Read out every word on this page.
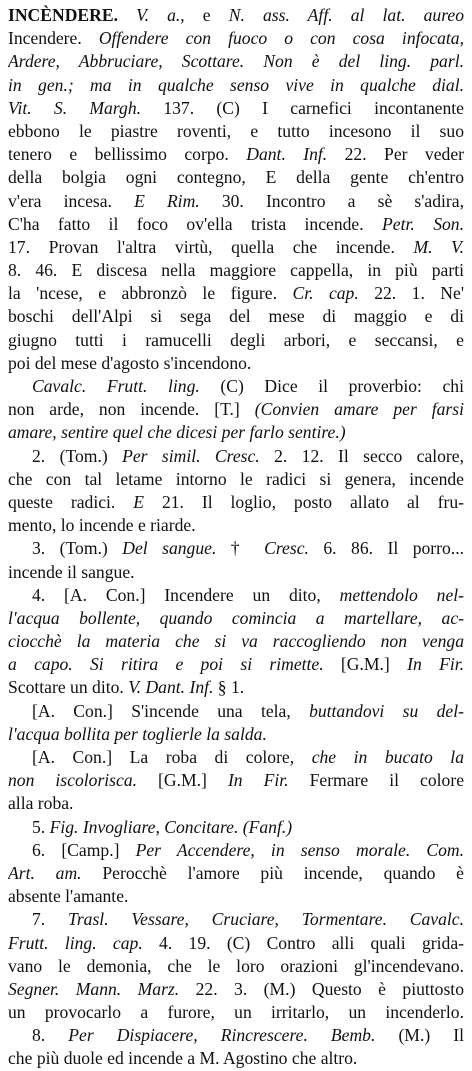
INCÈNDERE. V. a., e N. ass. Aff. al lat. aureo
Incendere. Offendere con fuoco o con cosa infocata,
Ardere, Abbruciare, Scottare. Non è del ling. parl.
in gen.; ma in qualche senso vive in qualche dial.
Vit. S. Margh. 137. (C) I carnefici incontanente
ebbono le piastre roventi, e tutto incesono il suo
tenero e bellissimo corpo. Dant. Inf. 22. Per veder
della bolgia ogni contegno, E della gente ch'entro
v'era incesa. E Rim. 30. Incontro a sè s'adira,
C'ha fatto il foco ov'ella trista incende. Petr. Son.
17. Provan l'altra virtù, quella che incende. M. V.
8. 46. E discesa nella maggiore cappella, in più parti
la 'ncese, e abbronzò le figure. Cr. cap. 22. 1. Ne'
boschi dell'Alpi si sega del mese di maggio e di
giugno tutti i ramucelli degli arbori, e seccansi, e
poi del mese d'agosto s'incendono.
Cavalc. Frutt. ling. (C) Dice il proverbio: chi
non arde, non incende. [T.] (Convien amare per farsi
amare, sentire quel che dicesi per farlo sentire.)
2. (Tom.) Per simil. Cresc. 2. 12. Il secco calore,
che con tal letame intorno le radici si genera, incende
queste radici. E 21. Il loglio, posto allato al fru-
mento, lo incende e riarde.
3. (Tom.) Del sangue. † Cresc. 6. 86. Il porro...
incende il sangue.
4. [A. Con.] Incendere un dito, mettendolo nel-
l'acqua bollente, quando comincia a martellare, ac-
ciocchè la materia che si va raccogliendo non venga
a capo. Si ritira e poi si rimette. [G.M.] In Fir.
Scottare un dito. V. Dant. Inf. § 1.
[A. Con.] S'incende una tela, buttandovi su del-
l'acqua bollita per toglierle la salda.
[A. Con.] La roba di colore, che in bucato la
non iscolorisca. [G.M.] In Fir. Fermare il colore
alla roba.
5. Fig. Invogliare, Concitare. (Fanf.)
6. [Camp.] Per Accendere, in senso morale. Com.
Art. am. Perocchè l'amore più incende, quando è
absente l'amante.
7. Trasl. Vessare, Cruciare, Tormentare. Cavalc.
Frutt. ling. cap. 4. 19. (C) Contro alli quali grida-
vano le demonia, che le loro orazioni gl'incendevano.
Segner. Mann. Marz. 22. 3. (M.) Questo è piuttosto
un provocarlo a furore, un irritarlo, un incenderlo.
8. Per Dispiacere, Rincrescere. Bemb. (M.) Il
che più duole ed incende a M. Agostino che altro.
